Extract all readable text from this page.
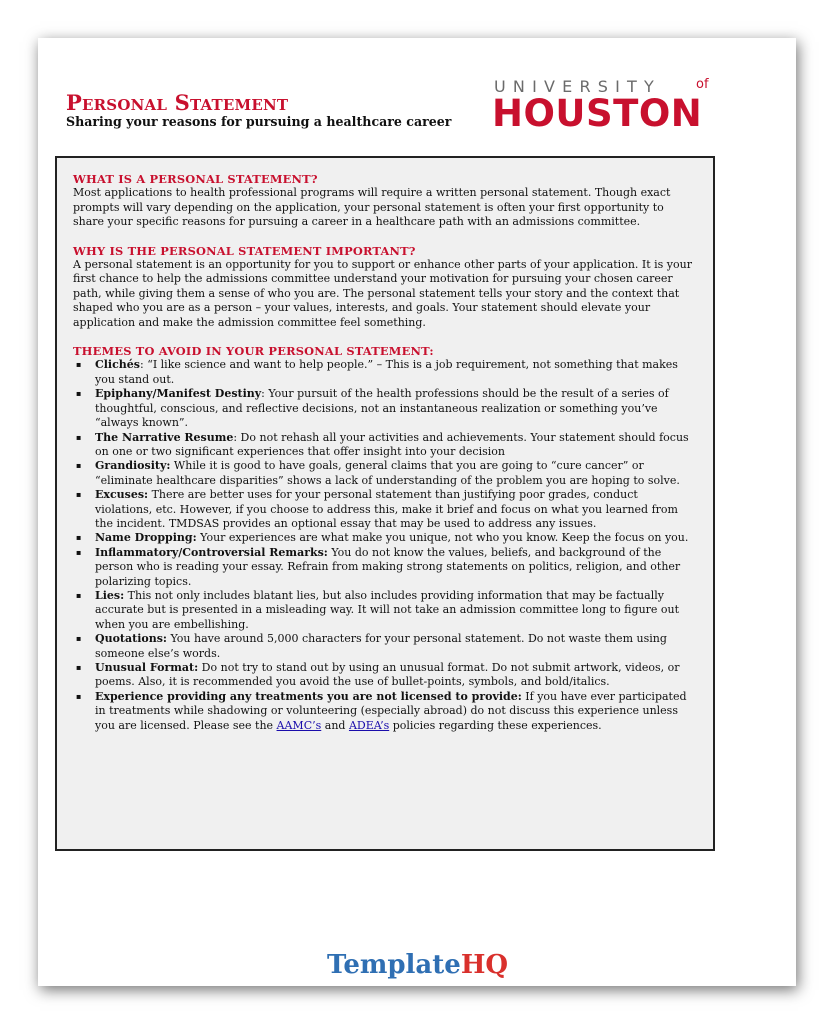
Personal Statement
Sharing your reasons for pursuing a healthcare career
UNIVERSITY	of
HOUSTON
WHAT IS A PERSONAL STATEMENT?

Most applications to health professional programs will require a written personal statement. Though exact prompts will vary depending on the application, your personal statement is often your first opportunity to share your specific reasons for pursuing a career in a healthcare path with an admissions committee.

WHY IS THE PERSONAL STATEMENT IMPORTANT?

A personal statement is an opportunity for you to support or enhance other parts of your application. It is your first chance to help the admissions committee understand your motivation for pursuing your chosen career path, while giving them a sense of who you are. The personal statement tells your story and the context that shaped who you are as a person – your values, interests, and goals. Your statement should elevate your application and make the admission committee feel something.

THEMES TO AVOID IN YOUR PERSONAL STATEMENT:
▪ Clichés: “I like science and want to help people.” – This is a job requirement, not something that makes you stand out.
▪ Epiphany/Manifest Destiny: Your pursuit of the health professions should be the result of a series of thoughtful, conscious, and reflective decisions, not an instantaneous realization or something you’ve “always known”.
▪ The Narrative Resume: Do not rehash all your activities and achievements. Your statement should focus on one or two significant experiences that offer insight into your decision
▪ Grandiosity: While it is good to have goals, general claims that you are going to “cure cancer” or “eliminate healthcare disparities” shows a lack of understanding of the problem you are hoping to solve.
▪ Excuses: There are better uses for your personal statement than justifying poor grades, conduct violations, etc. However, if you choose to address this, make it brief and focus on what you learned from the incident. TMDSAS provides an optional essay that may be used to address any issues.
▪ Name Dropping: Your experiences are what make you unique, not who you know. Keep the focus on you.
▪ Inflammatory/Controversial Remarks: You do not know the values, beliefs, and background of the person who is reading your essay. Refrain from making strong statements on politics, religion, and other polarizing topics.
▪ Lies: This not only includes blatant lies, but also includes providing information that may be factually accurate but is presented in a misleading way. It will not take an admission committee long to figure out when you are embellishing.
▪ Quotations: You have around 5,000 characters for your personal statement. Do not waste them using someone else’s words.
▪ Unusual Format: Do not try to stand out by using an unusual format. Do not submit artwork, videos, or poems. Also, it is recommended you avoid the use of bullet-points, symbols, and bold/italics.
▪ Experience providing any treatments you are not licensed to provide: If you have ever participated in treatments while shadowing or volunteering (especially abroad) do not discuss this experience unless you are licensed. Please see the AAMC’s and ADEA’s policies regarding these experiences.
TemplateHQ
